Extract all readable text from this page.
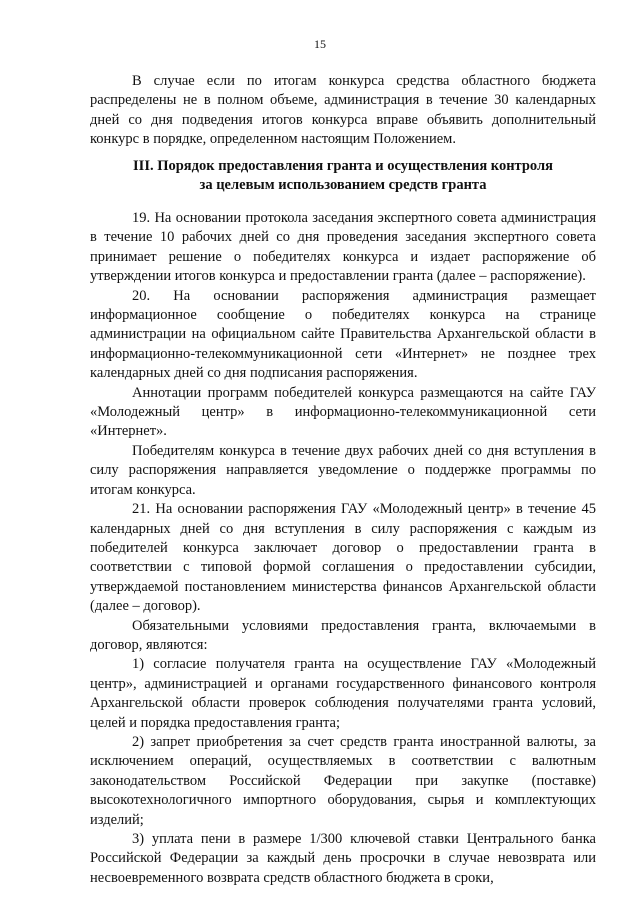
15

В случае если по итогам конкурса средства областного бюджета распределены не в полном объеме, администрация в течение 30 календарных дней со дня подведения итогов конкурса вправе объявить дополнительный конкурс в порядке, определенном настоящим Положением.

III. Порядок предоставления гранта и осуществления контроля
за целевым использованием средств гранта

19. На основании протокола заседания экспертного совета администрация в течение 10 рабочих дней со дня проведения заседания экспертного совета принимает решение о победителях конкурса и издает распоряжение об утверждении итогов конкурса и предоставлении гранта (далее – распоряжение).

20. На основании распоряжения администрация размещает информационное сообщение о победителях конкурса на странице администрации на официальном сайте Правительства Архангельской области в информационно-телекоммуникационной сети «Интернет» не позднее трех календарных дней со дня подписания распоряжения.

Аннотации программ победителей конкурса размещаются на сайте ГАУ «Молодежный центр» в информационно-телекоммуникационной сети «Интернет».

Победителям конкурса в течение двух рабочих дней со дня вступления в силу распоряжения направляется уведомление о поддержке программы по итогам конкурса.

21. На основании распоряжения ГАУ «Молодежный центр» в течение 45 календарных дней со дня вступления в силу распоряжения с каждым из победителей конкурса заключает договор о предоставлении гранта в соответствии с типовой формой соглашения о предоставлении субсидии, утверждаемой постановлением министерства финансов Архангельской области (далее – договор).

Обязательными условиями предоставления гранта, включаемыми в договор, являются:

1) согласие получателя гранта на осуществление ГАУ «Молодежный центр», администрацией и органами государственного финансового контроля Архангельской области проверок соблюдения получателями гранта условий, целей и порядка предоставления гранта;

2) запрет приобретения за счет средств гранта иностранной валюты, за исключением операций, осуществляемых в соответствии с валютным законодательством Российской Федерации при закупке (поставке) высокотехнологичного импортного оборудования, сырья и комплектующих изделий;

3) уплата пени в размере 1/300 ключевой ставки Центрального банка Российской Федерации за каждый день просрочки в случае невозврата или несвоевременного возврата средств областного бюджета в сроки,
